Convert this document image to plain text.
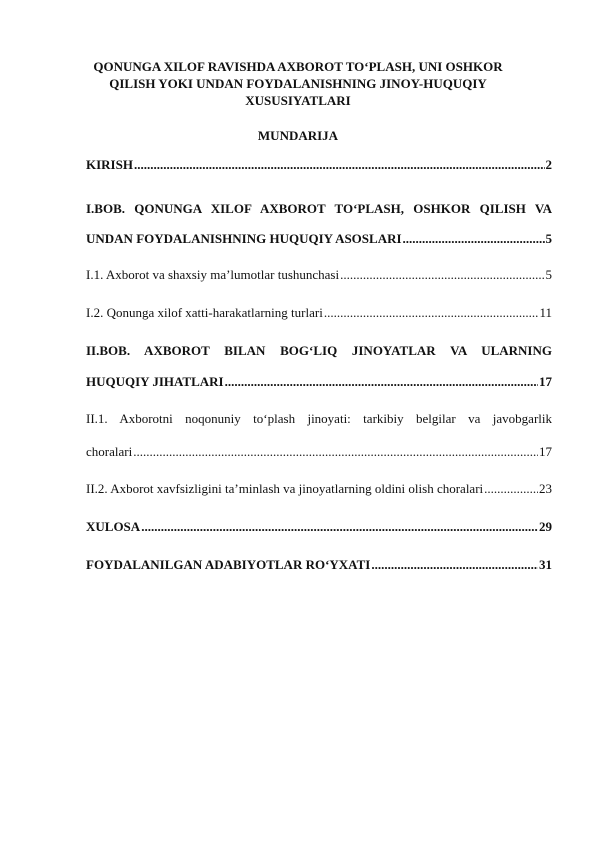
QONUNGA XILOF RAVISHDA AXBOROT TO‘PLASH, UNI OSHKOR
QILISH YOKI UNDAN FOYDALANISHNING JINOY-HUQUQIY
XUSUSIYATLARI
MUNDARIJA
KIRISH .....	2
I.BOB. QONUNGA XILOF AXBOROT TO‘PLASH, OSHKOR QILISH VA
UNDAN FOYDALANISHNING HUQUQIY ASOSLARI .....	5
I.1. Axborot va shaxsiy ma’lumotlar tushunchasi .....	5
I.2. Qonunga xilof xatti-harakatlarning turlari .....	11
II.BOB. AXBOROT BILAN BOG‘LIQ JINOYATLAR VA ULARNING
HUQUQIY JIHATLARI .....	17
II.1. Axborotni noqonuniy to‘plash jinoyati: tarkibiy belgilar va javobgarlik
choralari .....	17
II.2. Axborot xavfsizligini ta’minlash va jinoyatlarning oldini olish choralari .....	23
XULOSA .....	29
FOYDALANILGAN ADABIYOTLAR RO‘YXATI .....	31
